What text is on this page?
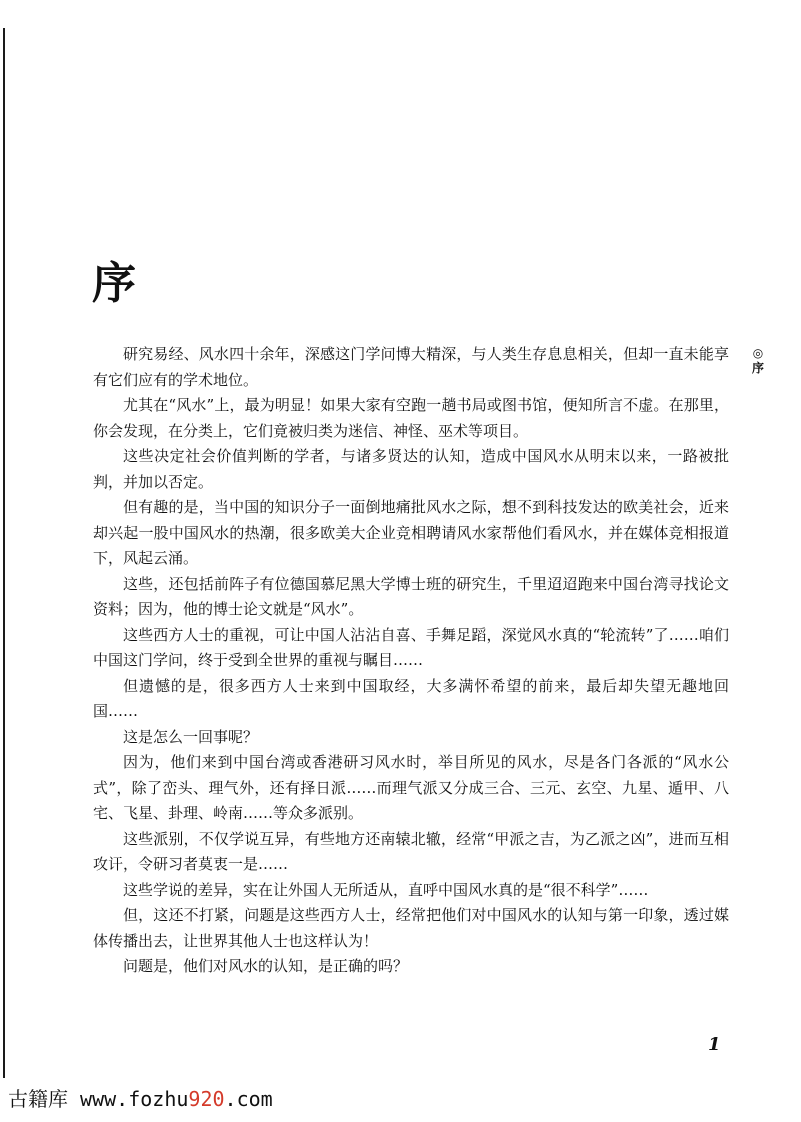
序
◎
序

研究易经、风水四十余年，深感这门学问博大精深，与人类生存息息相关，但却一直未能享有它们应有的学术地位。

尤其在“风水”上，最为明显！如果大家有空跑一趟书局或图书馆，便知所言不虚。在那里，你会发现，在分类上，它们竟被归类为迷信、神怪、巫术等项目。

这些决定社会价值判断的学者，与诸多贤达的认知，造成中国风水从明末以来，一路被批判，并加以否定。

但有趣的是，当中国的知识分子一面倒地痛批风水之际，想不到科技发达的欧美社会，近来却兴起一股中国风水的热潮，很多欧美大企业竞相聘请风水家帮他们看风水，并在媒体竞相报道下，风起云涌。

这些，还包括前阵子有位德国慕尼黑大学博士班的研究生，千里迢迢跑来中国台湾寻找论文资料；因为，他的博士论文就是“风水”。

这些西方人士的重视，可让中国人沾沾自喜、手舞足蹈，深觉风水真的“轮流转”了……咱们中国这门学问，终于受到全世界的重视与瞩目……

但遗憾的是，很多西方人士来到中国取经，大多满怀希望的前来，最后却失望无趣地回国……

这是怎么一回事呢？

因为，他们来到中国台湾或香港研习风水时，举目所见的风水，尽是各门各派的“风水公式”，除了峦头、理气外，还有择日派……而理气派又分成三合、三元、玄空、九星、遁甲、八宅、飞星、卦理、岭南……等众多派别。

这些派别，不仅学说互异，有些地方还南辕北辙，经常“甲派之吉，为乙派之凶”，进而互相攻讦，令研习者莫衷一是……

这些学说的差异，实在让外国人无所适从，直呼中国风水真的是“很不科学”……

但，这还不打紧，问题是这些西方人士，经常把他们对中国风水的认知与第一印象，透过媒体传播出去，让世界其他人士也这样认为！

问题是，他们对风水的认知，是正确的吗？

1
古籍库 www.fozhu920.com
